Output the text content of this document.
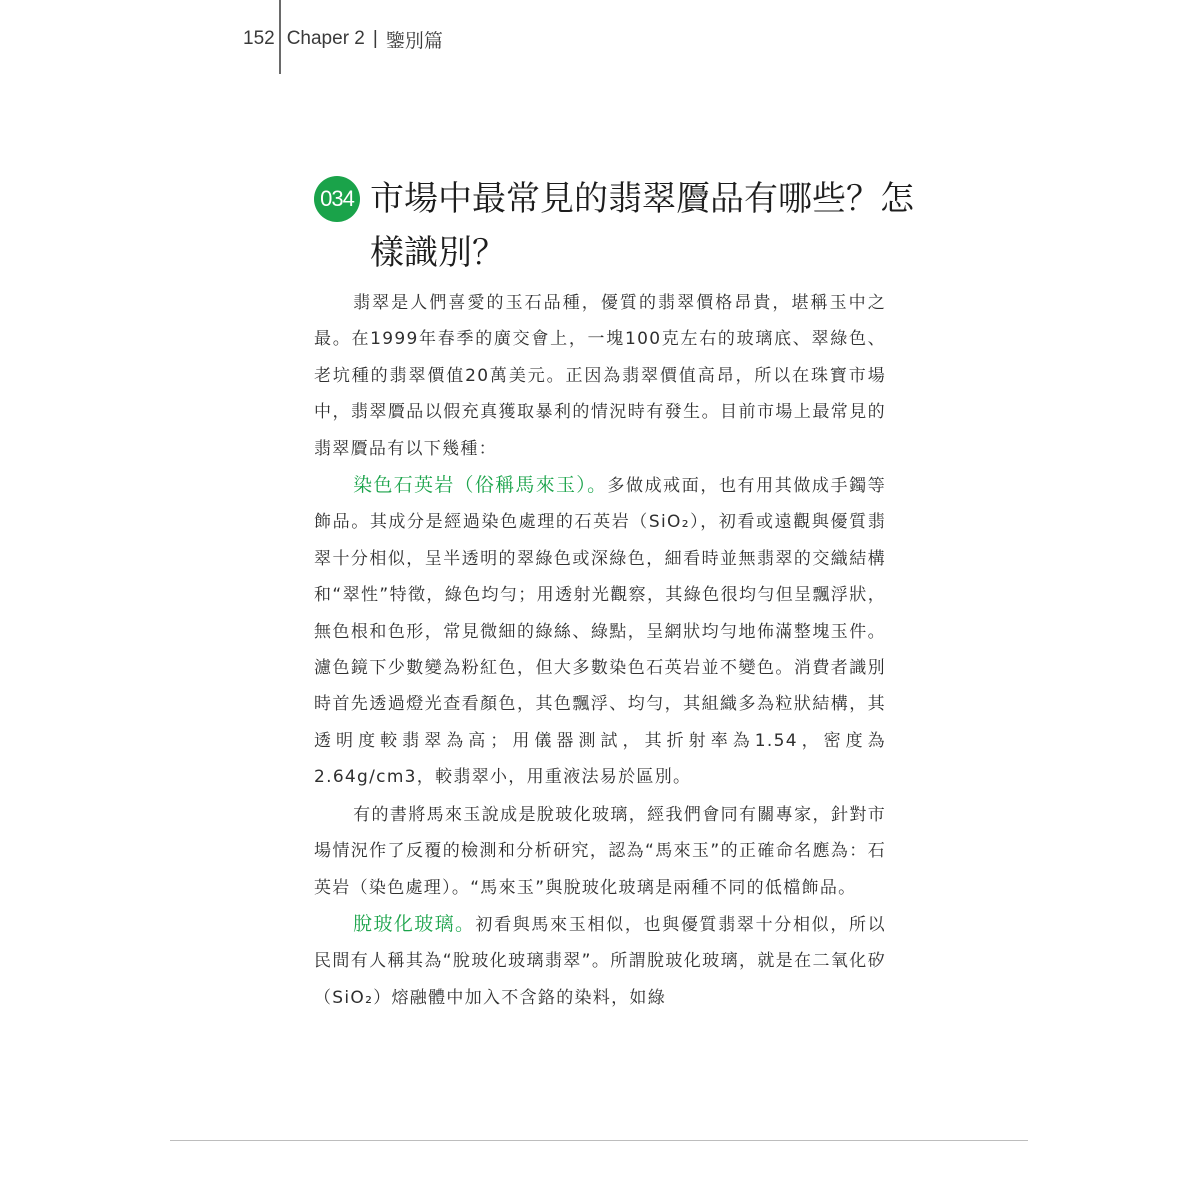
152 Chaper 2 | 鑒別篇
034 市場中最常見的翡翠贗品有哪些？怎樣識別？

翡翠是人們喜愛的玉石品種，優質的翡翠價格昂貴，堪稱玉中之最。在1999年春季的廣交會上，一塊100克左右的玻璃底、翠綠色、老坑種的翡翠價值20萬美元。正因為翡翠價值高昂，所以在珠寶市場中，翡翠贗品以假充真獲取暴利的情況時有發生。目前市場上最常見的翡翠贗品有以下幾種：

染色石英岩（俗稱馬來玉）。多做成戒面，也有用其做成手鐲等飾品。其成分是經過染色處理的石英岩（SiO₂），初看或遠觀與優質翡翠十分相似，呈半透明的翠綠色或深綠色，細看時並無翡翠的交織結構和“翠性”特徵，綠色均勻；用透射光觀察，其綠色很均勻但呈飄浮狀，無色根和色形，常見微細的綠絲、綠點，呈網狀均勻地佈滿整塊玉件。濾色鏡下少數變為粉紅色，但大多數染色石英岩並不變色。消費者識別時首先透過燈光查看顏色，其色飄浮、均勻，其組織多為粒狀結構，其透明度較翡翠為高；用儀器測試，其折射率為1.54，密度為2.64g/cm3，較翡翠小，用重液法易於區別。

有的書將馬來玉說成是脫玻化玻璃，經我們會同有關專家，針對市場情況作了反覆的檢測和分析研究，認為“馬來玉”的正確命名應為：石英岩（染色處理）。“馬來玉”與脫玻化玻璃是兩種不同的低檔飾品。

脫玻化玻璃。初看與馬來玉相似，也與優質翡翠十分相似，所以民間有人稱其為“脫玻化玻璃翡翠”。所謂脫玻化玻璃，就是在二氧化矽（SiO₂）熔融體中加入不含鉻的染料，如綠
